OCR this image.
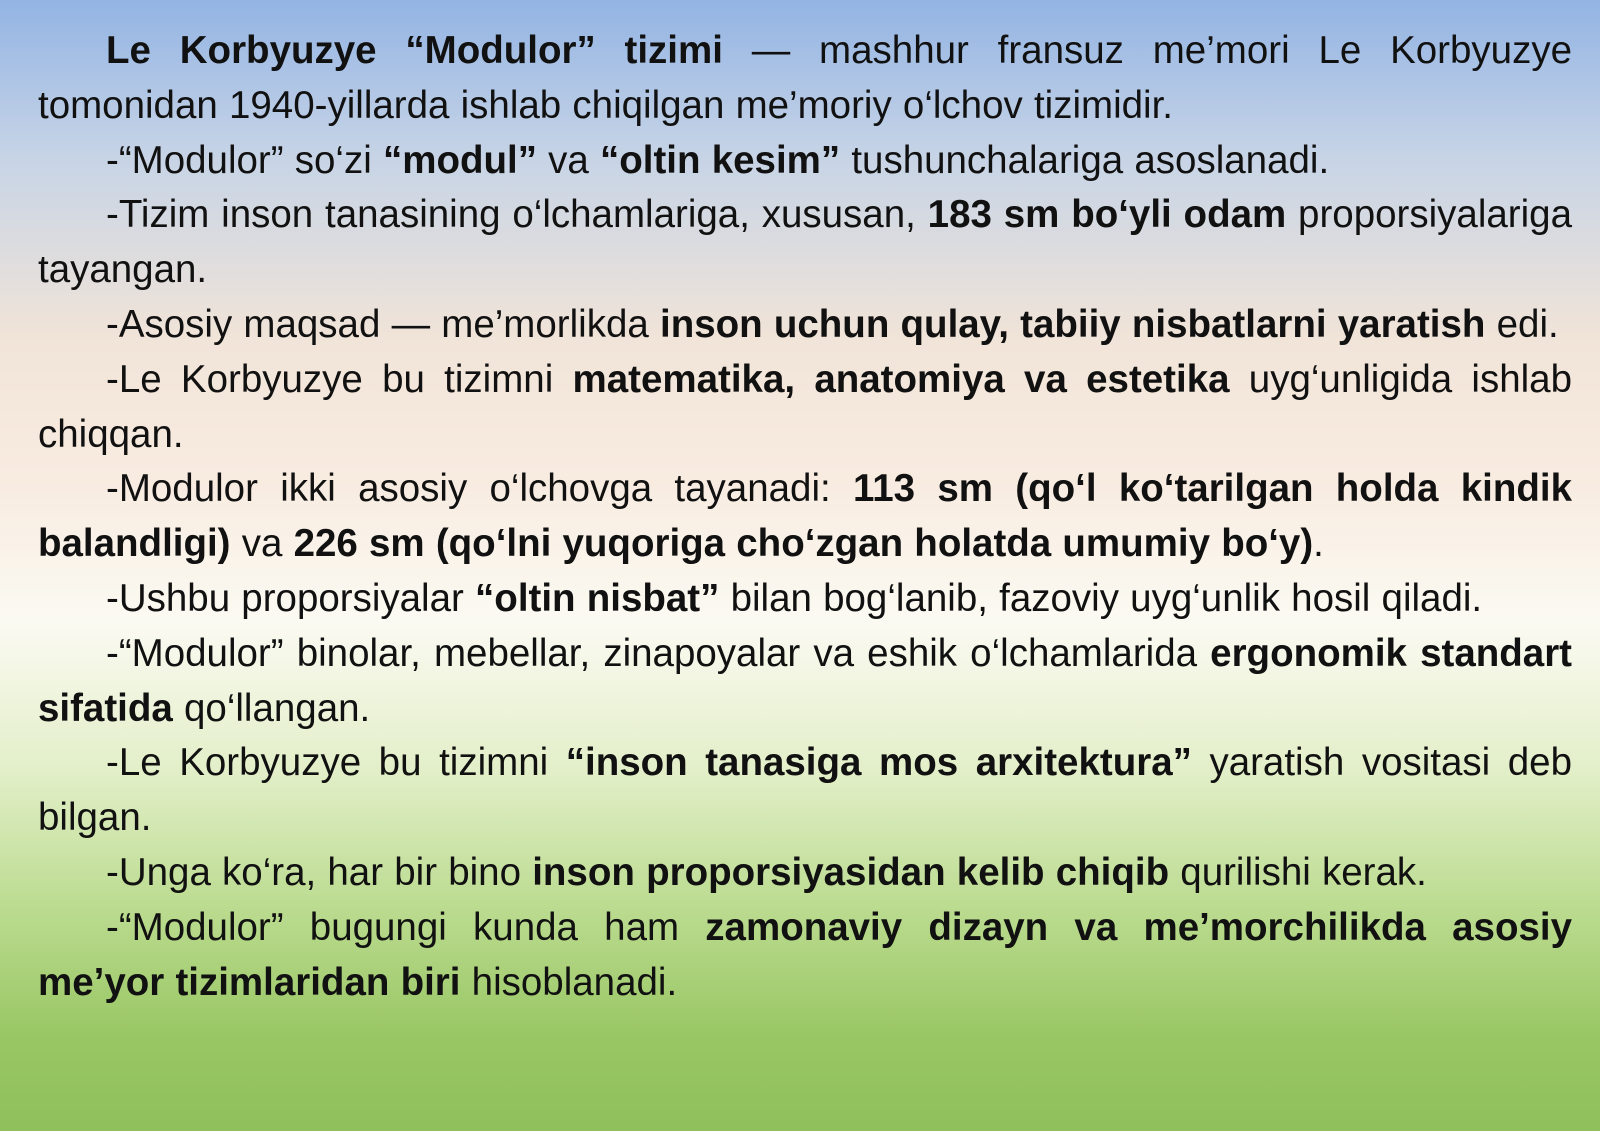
Le Korbyuzye “Modulor” tizimi — mashhur fransuz me’mori Le Korbyuzye tomonidan 1940-yillarda ishlab chiqilgan me’moriy o‘lchov tizimidir.

-“Modulor” so‘zi “modul” va “oltin kesim” tushunchalariga asoslanadi.

-Tizim inson tanasining o‘lchamlariga, xususan, 183 sm bo‘yli odam proporsiyalariga tayangan.

-Asosiy maqsad — me’morlikda inson uchun qulay, tabiiy nisbatlarni yaratish edi.

-Le Korbyuzye bu tizimni matematika, anatomiya va estetika uyg‘unligida ishlab chiqqan.

-Modulor ikki asosiy o‘lchovga tayanadi: 113 sm (qo‘l ko‘tarilgan holda kindik balandligi) va 226 sm (qo‘lni yuqoriga cho‘zgan holatda umumiy bo‘y).

-Ushbu proporsiyalar “oltin nisbat” bilan bog‘lanib, fazoviy uyg‘unlik hosil qiladi.

-“Modulor” binolar, mebellar, zinapoyalar va eshik o‘lchamlarida ergonomik standart sifatida qo‘llangan.

-Le Korbyuzye bu tizimni “inson tanasiga mos arxitektura” yaratish vositasi deb bilgan.

-Unga ko‘ra, har bir bino inson proporsiyasidan kelib chiqib qurilishi kerak.

-“Modulor” bugungi kunda ham zamonaviy dizayn va me’morchilikda asosiy me’yor tizimlaridan biri hisoblanadi.
